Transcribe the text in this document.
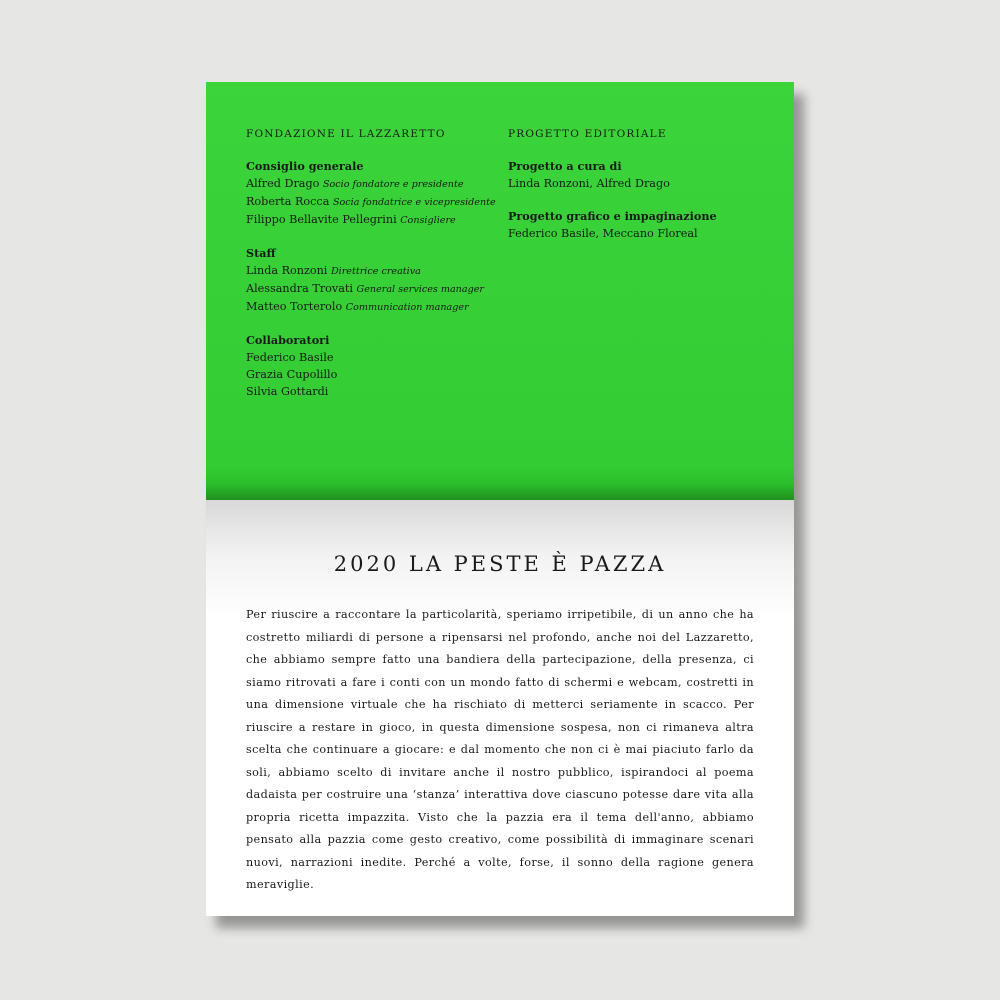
FONDAZIONE IL LAZZARETTO
Consiglio generale
Alfred Drago Socio fondatore e presidente
Roberta Rocca Socia fondatrice e vicepresidente
Filippo Bellavite Pellegrini Consigliere
Staff
Linda Ronzoni Direttrice creativa
Alessandra Trovati General services manager
Matteo Torterolo Communication manager
Collaboratori
Federico Basile
Grazia Cupolillo
Silvia Gottardi
PROGETTO EDITORIALE
Progetto a cura di
Linda Ronzoni, Alfred Drago
Progetto grafico e impaginazione
Federico Basile, Meccano Floreal
2020 LA PESTE È PAZZA
Per riuscire a raccontare la particolarità, speriamo irripetibile, di un anno che ha costretto miliardi di persone a ripensarsi nel profondo, anche noi del Lazzaretto, che abbiamo sempre fatto una bandiera della partecipazione, della presenza, ci siamo ritrovati a fare i conti con un mondo fatto di schermi e webcam, costretti in una dimensione virtuale che ha rischiato di metterci seriamente in scacco. Per riuscire a restare in gioco, in questa dimensione sospesa, non ci rimaneva altra scelta che continuare a giocare: e dal momento che non ci è mai piaciuto farlo da soli, abbiamo scelto di invitare anche il nostro pubblico, ispirandoci al poema dadaista per costruire una ‘stanza’ interattiva dove ciascuno potesse dare vita alla propria ricetta impazzita. Visto che la pazzia era il tema dell'anno, abbiamo pensato alla pazzia come gesto creativo, come possibilità di immaginare scenari nuovi, narrazioni inedite. Perché a volte, forse, il sonno della ragione genera meraviglie.
